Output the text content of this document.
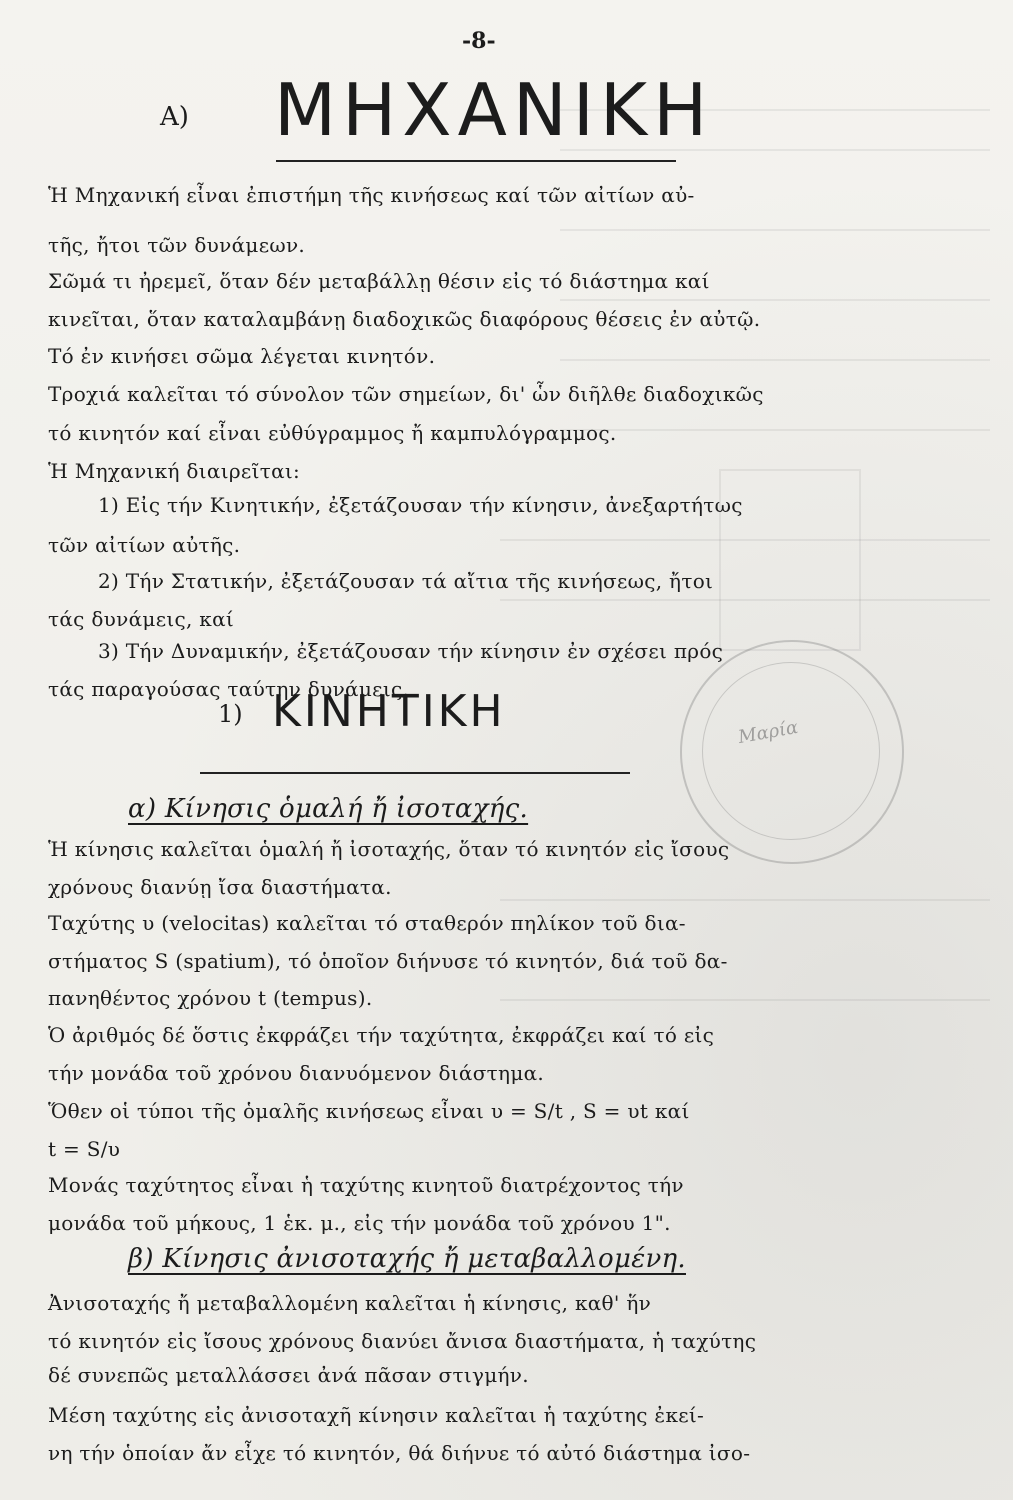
Μαρία
-8-
A) ΜΗΧΑΝΙΚΗ
Ἡ Μηχανική εἶναι ἐπιστήμη τῆς κινήσεως καί τῶν αἰτίων αὐ-
τῆς, ἤτοι τῶν δυνάμεων.
Σῶμά τι ἠρεμεῖ, ὅταν δέν μεταβάλλῃ θέσιν εἰς τό διάστημα καί
κινεῖται, ὅταν καταλαμβάνῃ διαδοχικῶς διαφόρους θέσεις ἐν αὐτῷ.
Τό ἐν κινήσει σῶμα λέγεται κινητόν.
Τροχιά καλεῖται τό σύνολον τῶν σημείων, δι' ὧν διῆλθε διαδοχικῶς
τό κινητόν καί εἶναι εὐθύγραμμος ἤ καμπυλόγραμμος.
Ἡ Μηχανική διαιρεῖται:
1) Εἰς τήν Κινητικήν, ἐξετάζουσαν τήν κίνησιν, ἀνεξαρτήτως
τῶν αἰτίων αὐτῆς.
2) Τήν Στατικήν, ἐξετάζουσαν τά αἴτια τῆς κινήσεως, ἤτοι
τάς δυνάμεις, καί
3) Τήν Δυναμικήν, ἐξετάζουσαν τήν κίνησιν ἐν σχέσει πρός
τάς παραγούσας ταύτην δυνάμεις.
1) ΚΙΝΗΤΙΚΗ
α) Κίνησις ὁμαλή ἤ ἰσοταχής.
Ἡ κίνησις καλεῖται ὁμαλή ἤ ἰσοταχής, ὅταν τό κινητόν εἰς ἴσους
χρόνους διανύῃ ἴσα διαστήματα.
Ταχύτης υ (velocitas) καλεῖται τό σταθερόν πηλίκον τοῦ δια-
στήματος S (spatium), τό ὁποῖον διήνυσε τό κινητόν, διά τοῦ δα-
πανηθέντος χρόνου t (tempus).
Ὁ ἀριθμός δέ ὅστις ἐκφράζει τήν ταχύτητα, ἐκφράζει καί τό εἰς
τήν μονάδα τοῦ χρόνου διανυόμενον διάστημα.
Ὅθεν οἱ τύποι τῆς ὁμαλῆς κινήσεως εἶναι υ = S/t , S = υt καί
t = S/υ
Μονάς ταχύτητος εἶναι ἡ ταχύτης κινητοῦ διατρέχοντος τήν
μονάδα τοῦ μήκους, 1 ἑκ. μ., εἰς τήν μονάδα τοῦ χρόνου 1".
β) Κίνησις ἀνισοταχής ἤ μεταβαλλομένη.
Ἀνισοταχής ἤ μεταβαλλομένη καλεῖται ἡ κίνησις, καθ' ἥν
τό κινητόν εἰς ἴσους χρόνους διανύει ἄνισα διαστήματα, ἡ ταχύτης
δέ συνεπῶς μεταλλάσσει ἀνά πᾶσαν στιγμήν.
Μέση ταχύτης εἰς ἀνισοταχῆ κίνησιν καλεῖται ἡ ταχύτης ἐκεί-
νη τήν ὁποίαν ἄν εἶχε τό κινητόν, θά διήνυε τό αὐτό διάστημα ἰσο-
